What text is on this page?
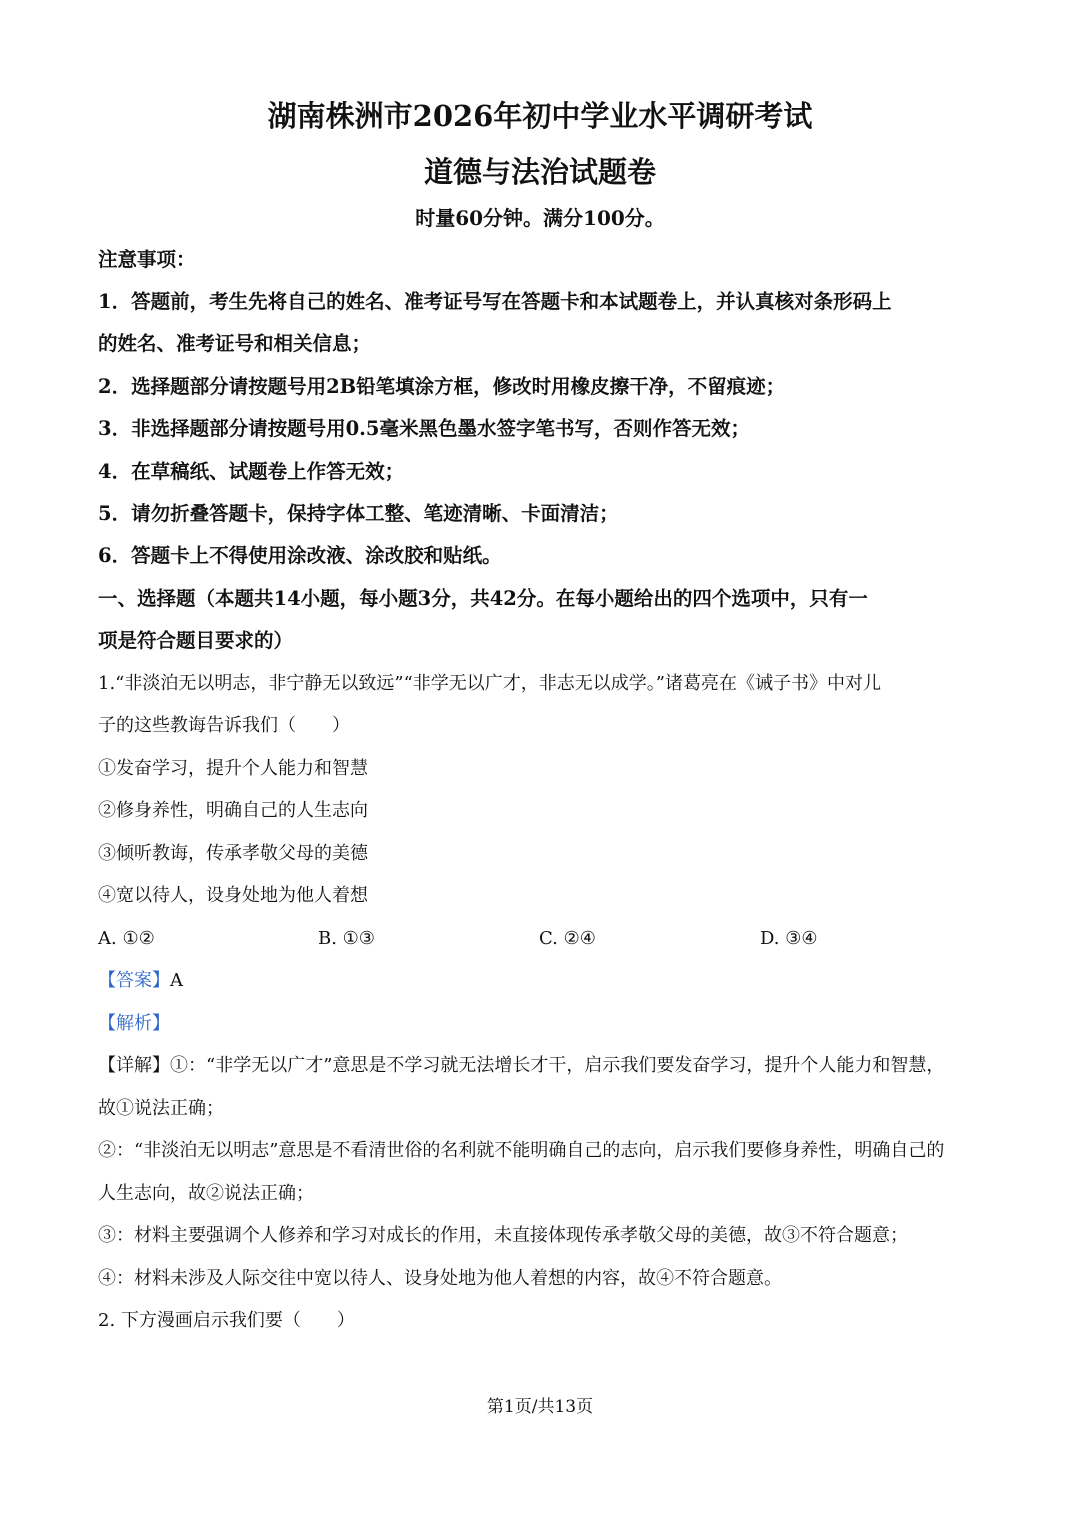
湖南株洲市2026年初中学业水平调研考试
道德与法治试题卷
时量60分钟。满分100分。
注意事项：
1．答题前，考生先将自己的姓名、准考证号写在答题卡和本试题卷上，并认真核对条形码上
的姓名、准考证号和相关信息；
2．选择题部分请按题号用2B铅笔填涂方框，修改时用橡皮擦干净，不留痕迹；
3．非选择题部分请按题号用0.5毫米黑色墨水签字笔书写，否则作答无效；
4．在草稿纸、试题卷上作答无效；
5．请勿折叠答题卡，保持字体工整、笔迹清晰、卡面清洁；
6．答题卡上不得使用涂改液、涂改胶和贴纸。
一、选择题（本题共14小题，每小题3分，共42分。在每小题给出的四个选项中，只有一
项是符合题目要求的）
1.“非淡泊无以明志，非宁静无以致远”“非学无以广才，非志无以成学。”诸葛亮在《诫子书》中对儿
子的这些教诲告诉我们（　　）
①发奋学习，提升个人能力和智慧
②修身养性，明确自己的人生志向
③倾听教诲，传承孝敬父母的美德
④宽以待人，设身处地为他人着想
A. ①②	B. ①③	C. ②④	D. ③④
【答案】A
【解析】
【详解】①：“非学无以广才”意思是不学习就无法增长才干，启示我们要发奋学习，提升个人能力和智慧，
故①说法正确；
②：“非淡泊无以明志”意思是不看清世俗的名利就不能明确自己的志向，启示我们要修身养性，明确自己的
人生志向，故②说法正确；
③：材料主要强调个人修养和学习对成长的作用，未直接体现传承孝敬父母的美德，故③不符合题意；
④：材料未涉及人际交往中宽以待人、设身处地为他人着想的内容，故④不符合题意。
2. 下方漫画启示我们要（　　）
第1页/共13页
